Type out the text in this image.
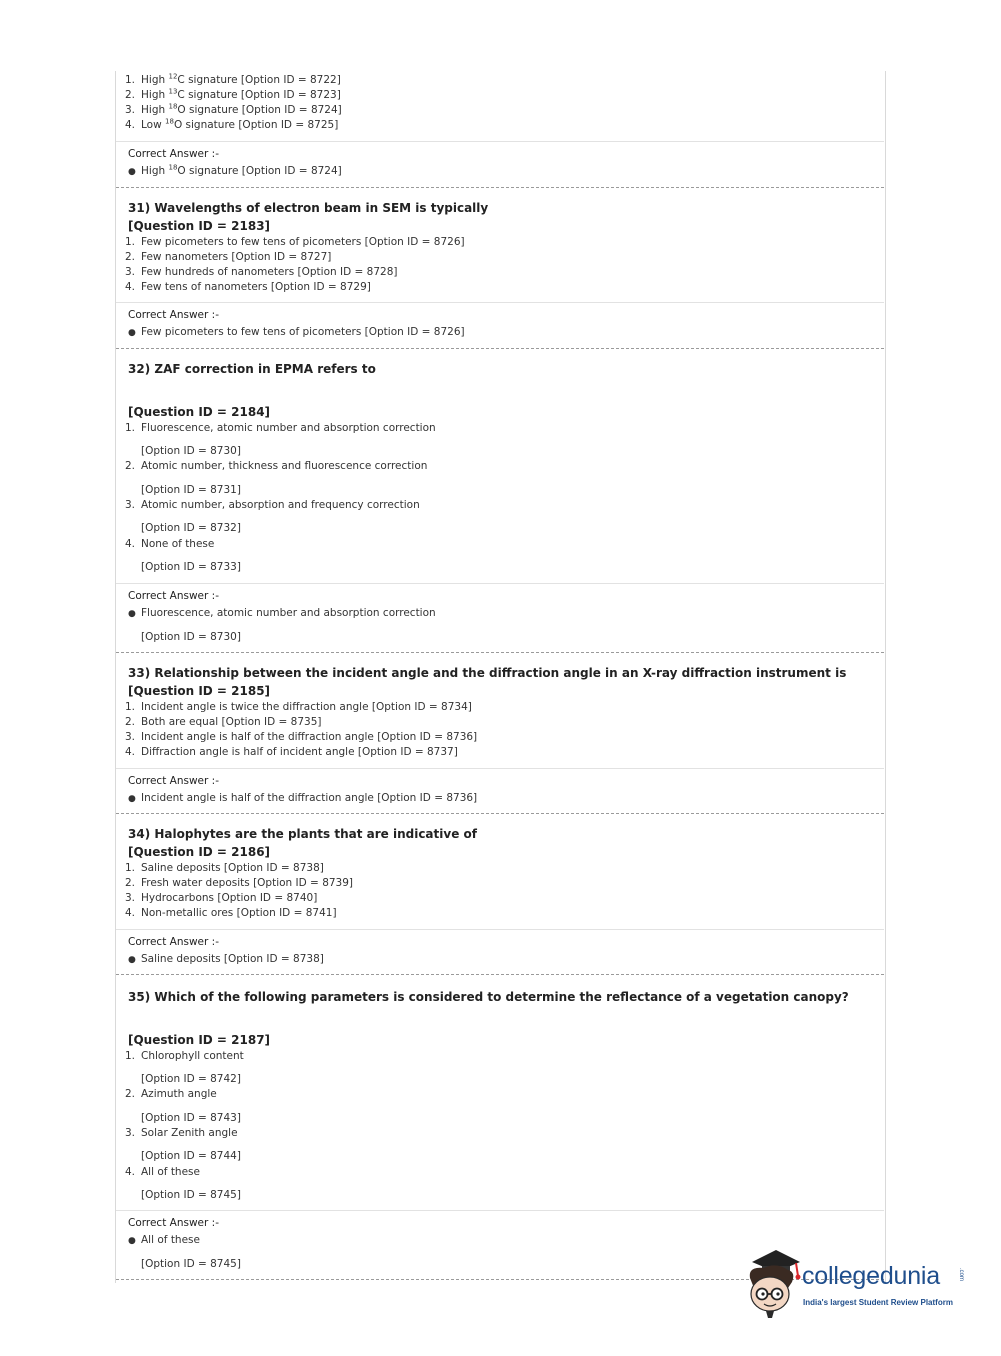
1. High $^{12}$C signature [Option ID = 8722]
2. High $^{13}$C signature [Option ID = 8723]
3. High $^{18}$O signature [Option ID = 8724]
4. Low $^{18}$O signature [Option ID = 8725]
Correct Answer :-
● High $^{18}$O signature [Option ID = 8724]
31) Wavelengths of electron beam in SEM is typically
[Question ID = 2183]
1. Few picometers to few tens of picometers [Option ID = 8726]
2. Few nanometers [Option ID = 8727]
3. Few hundreds of nanometers [Option ID = 8728]
4. Few tens of nanometers [Option ID = 8729]
Correct Answer :-
● Few picometers to few tens of picometers [Option ID = 8726]
32) ZAF correction in EPMA refers to
[Question ID = 2184]
1. Fluorescence, atomic number and absorption correction
[Option ID = 8730]
2. Atomic number, thickness and fluorescence correction
[Option ID = 8731]
3. Atomic number, absorption and frequency correction
[Option ID = 8732]
4. None of these
[Option ID = 8733]
Correct Answer :-
● Fluorescence, atomic number and absorption correction
[Option ID = 8730]
33) Relationship between the incident angle and the diffraction angle in an X-ray diffraction instrument is
[Question ID = 2185]
1. Incident angle is twice the diffraction angle [Option ID = 8734]
2. Both are equal [Option ID = 8735]
3. Incident angle is half of the diffraction angle [Option ID = 8736]
4. Diffraction angle is half of incident angle [Option ID = 8737]
Correct Answer :-
● Incident angle is half of the diffraction angle [Option ID = 8736]
34) Halophytes are the plants that are indicative of
[Question ID = 2186]
1. Saline deposits [Option ID = 8738]
2. Fresh water deposits [Option ID = 8739]
3. Hydrocarbons [Option ID = 8740]
4. Non-metallic ores [Option ID = 8741]
Correct Answer :-
● Saline deposits [Option ID = 8738]
35) Which of the following parameters is considered to determine the reflectance of a vegetation canopy?
[Question ID = 2187]
1. Chlorophyll content
[Option ID = 8742]
2. Azimuth angle
[Option ID = 8743]
3. Solar Zenith angle
[Option ID = 8744]
4. All of these
[Option ID = 8745]
Correct Answer :-
● All of these
[Option ID = 8745]	collegedunia	.com
India's largest Student Review Platform
